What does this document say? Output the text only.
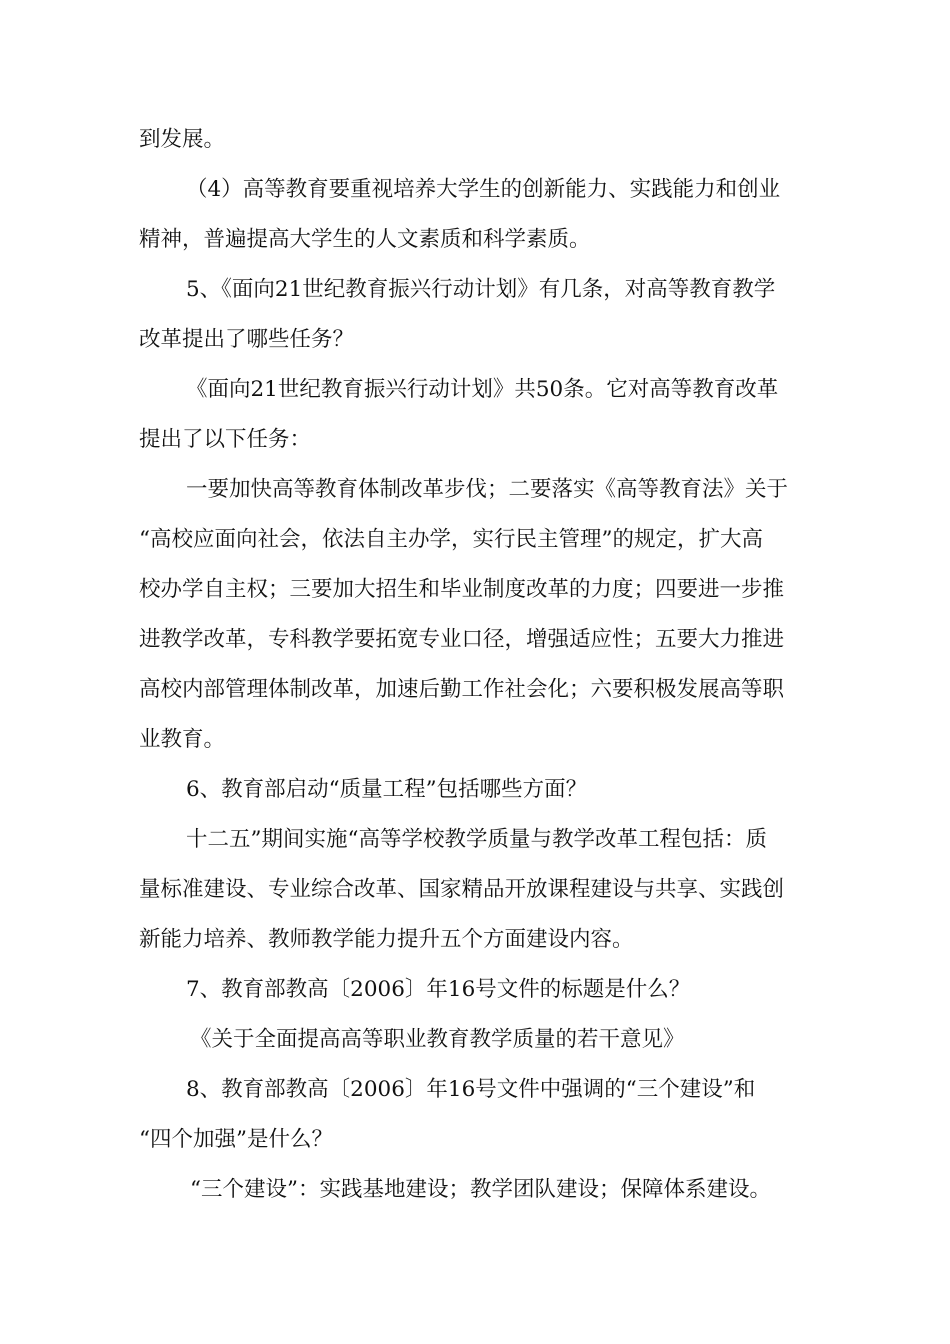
到发展。
（4）高等教育要重视培养大学生的创新能力、实践能力和创业
精神，普遍提高大学生的人文素质和科学素质。
5、《面向21世纪教育振兴行动计划》有几条，对高等教育教学
改革提出了哪些任务？
《面向21世纪教育振兴行动计划》共50条。它对高等教育改革
提出了以下任务：
一要加快高等教育体制改革步伐；二要落实《高等教育法》关于
“高校应面向社会，依法自主办学，实行民主管理”的规定，扩大高
校办学自主权；三要加大招生和毕业制度改革的力度；四要进一步推
进教学改革，专科教学要拓宽专业口径，增强适应性；五要大力推进
高校内部管理体制改革，加速后勤工作社会化；六要积极发展高等职
业教育。
6、教育部启动“质量工程”包括哪些方面？
十二五”期间实施“高等学校教学质量与教学改革工程包括：质
量标准建设、专业综合改革、国家精品开放课程建设与共享、实践创
新能力培养、教师教学能力提升五个方面建设内容。
7、教育部教高〔2006〕年16号文件的标题是什么？
《关于全面提高高等职业教育教学质量的若干意见》
8、教育部教高〔2006〕年16号文件中强调的“三个建设”和
“四个加强”是什么？
“三个建设”：实践基地建设；教学团队建设；保障体系建设。
